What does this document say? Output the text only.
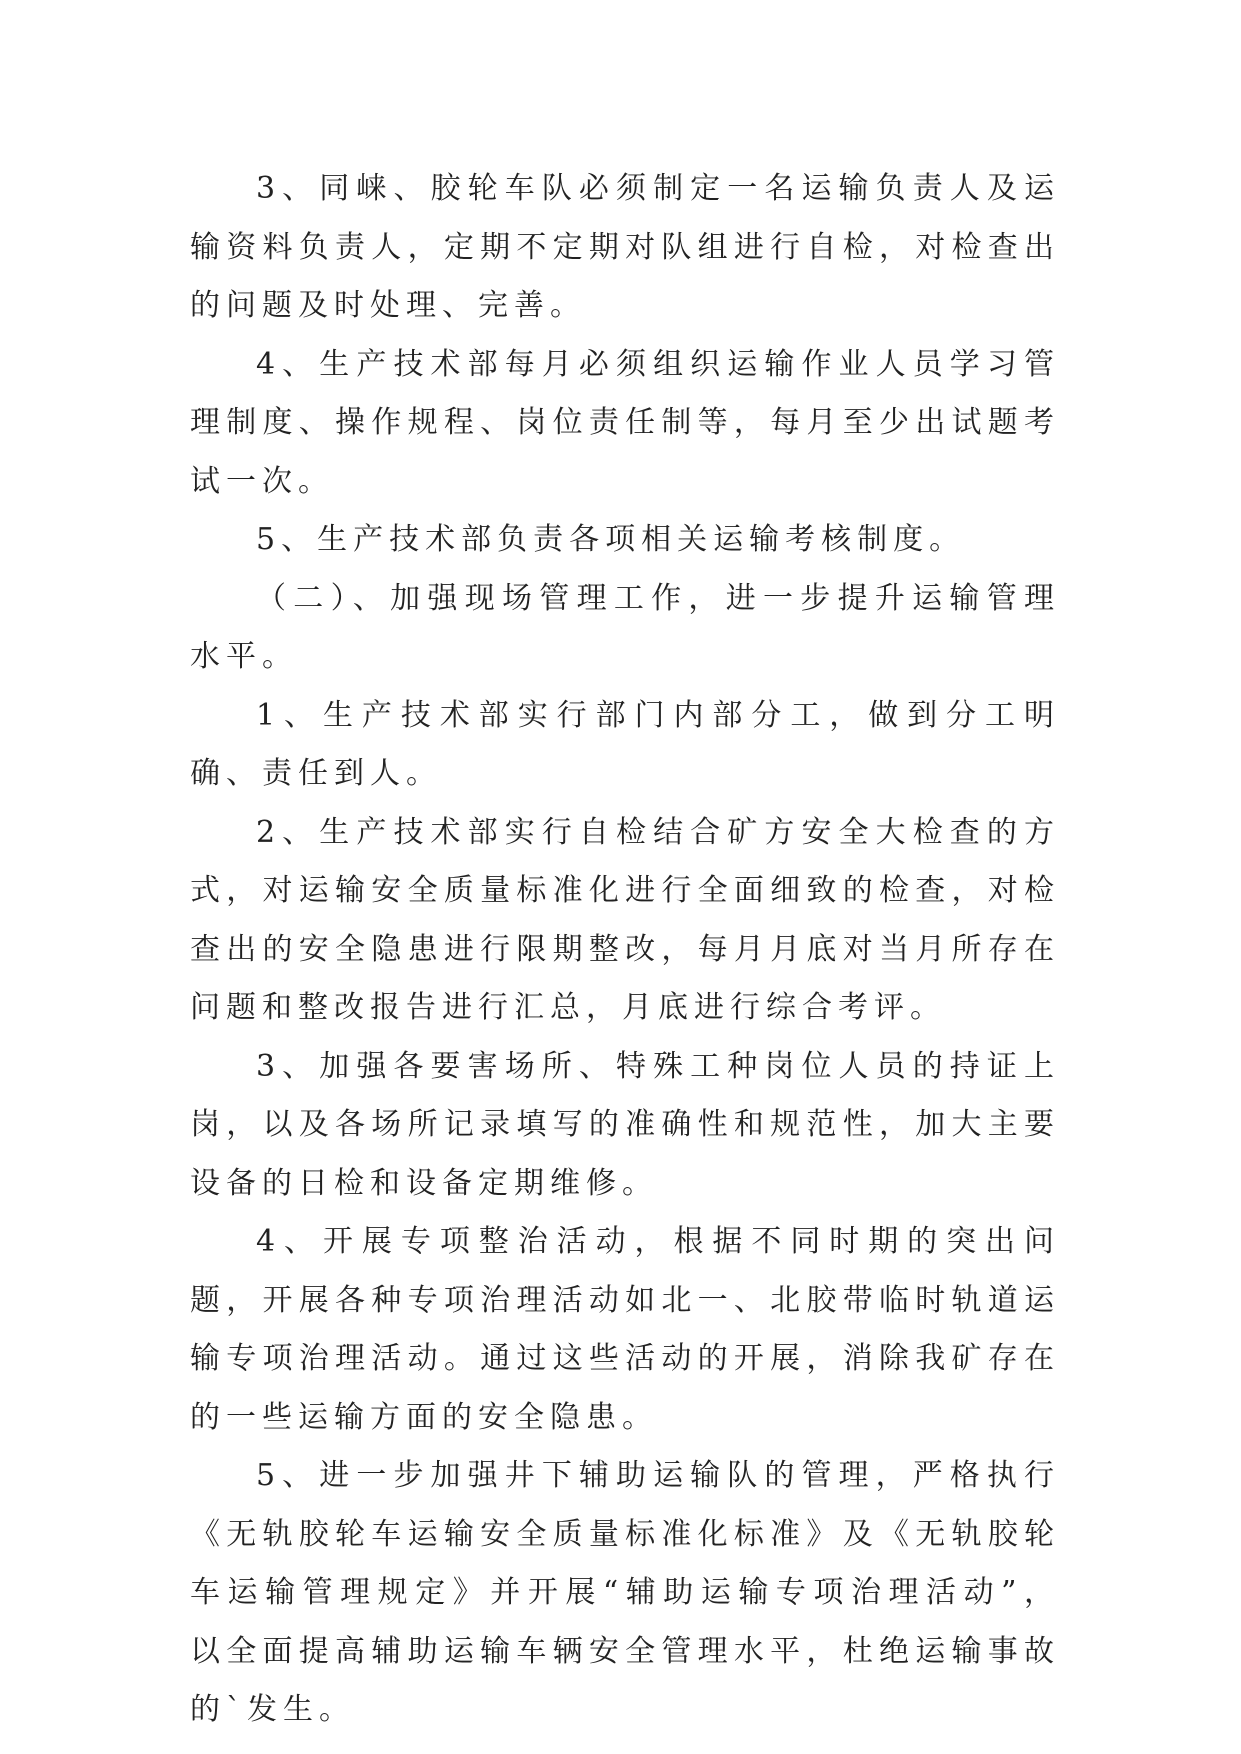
3、同崃、胶轮车队必须制定一名运输负责人及运输资料负责人，定期不定期对队组进行自检，对检查出的问题及时处理、完善。

4、生产技术部每月必须组织运输作业人员学习管理制度、操作规程、岗位责任制等，每月至少出试题考试一次。

5、生产技术部负责各项相关运输考核制度。

（二）、加强现场管理工作，进一步提升运输管理水平。

1、生产技术部实行部门内部分工，做到分工明确、责任到人。

2、生产技术部实行自检结合矿方安全大检查的方式，对运输安全质量标准化进行全面细致的检查，对检查出的安全隐患进行限期整改，每月月底对当月所存在问题和整改报告进行汇总，月底进行综合考评。

3、加强各要害场所、特殊工种岗位人员的持证上岗，以及各场所记录填写的准确性和规范性，加大主要设备的日检和设备定期维修。

4、开展专项整治活动，根据不同时期的突出问题，开展各种专项治理活动如北一、北胶带临时轨道运输专项治理活动。通过这些活动的开展，消除我矿存在的一些运输方面的安全隐患。

5、进一步加强井下辅助运输队的管理，严格执行《无轨胶轮车运输安全质量标准化标准》及《无轨胶轮车运输管理规定》并开展“辅助运输专项治理活动”，以全面提高辅助运输车辆安全管理水平，杜绝运输事故的`发生。
